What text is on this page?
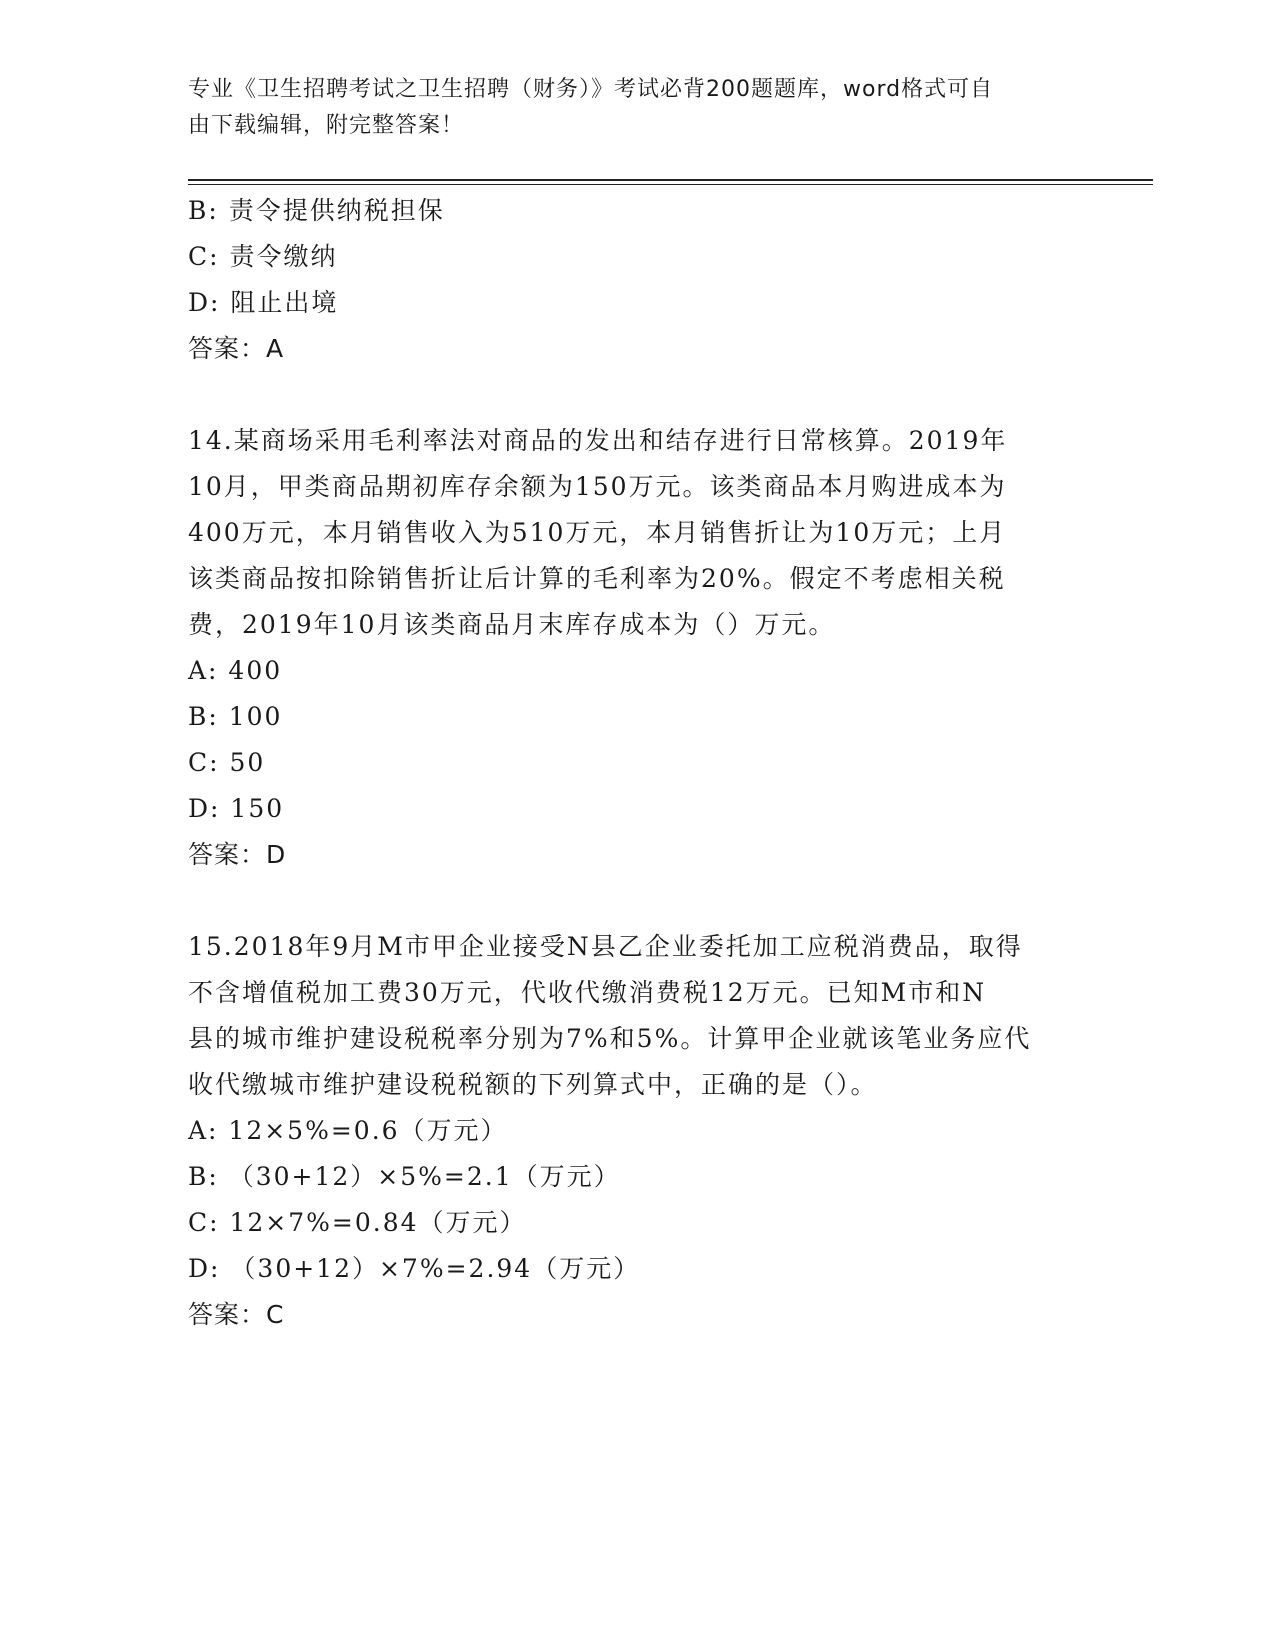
专业《卫生招聘考试之卫生招聘（财务）》考试必背200题题库，word格式可自
由下载编辑，附完整答案！
B: 责令提供纳税担保
C: 责令缴纳
D: 阻止出境
答案：A
14.某商场采用毛利率法对商品的发出和结存进行日常核算。2019年
10月，甲类商品期初库存余额为150万元。该类商品本月购进成本为
400万元，本月销售收入为510万元，本月销售折让为10万元；上月
该类商品按扣除销售折让后计算的毛利率为20%。假定不考虑相关税
费，2019年10月该类商品月末库存成本为（）万元。
A: 400
B: 100
C: 50
D: 150
答案：D
15.2018年9月M市甲企业接受N县乙企业委托加工应税消费品，取得
不含增值税加工费30万元，代收代缴消费税12万元。已知M市和N
县的城市维护建设税税率分别为7%和5%。计算甲企业就该笔业务应代
收代缴城市维护建设税税额的下列算式中，正确的是（）。
A: 12×5%=0.6（万元）
B: （30+12）×5%=2.1（万元）
C: 12×7%=0.84（万元）
D: （30+12）×7%=2.94（万元）
答案：C
